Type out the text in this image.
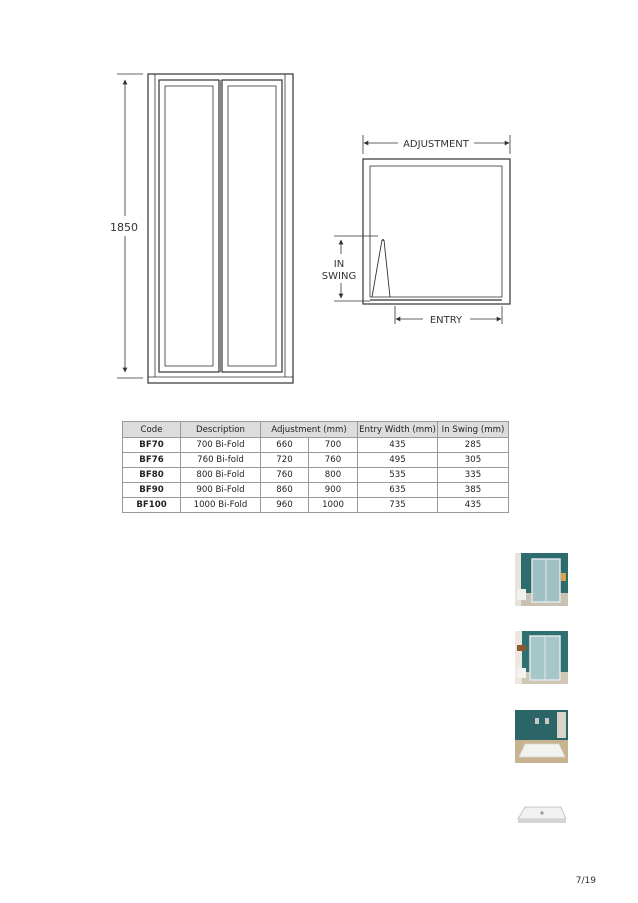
1850
ADJUSTMENT
IN
SWING
ENTRY
Code	Description	Adjustment (mm)		Entry Width (mm)	In Swing (mm)
BF70	700 Bi-Fold	660	700	435	285
BF76	760 Bi-fold	720	760	495	305
BF80	800 Bi-Fold	760	800	535	335
BF90	900 Bi-Fold	860	900	635	385
BF100	1000 Bi-Fold	960	1000	735	435
7/19
